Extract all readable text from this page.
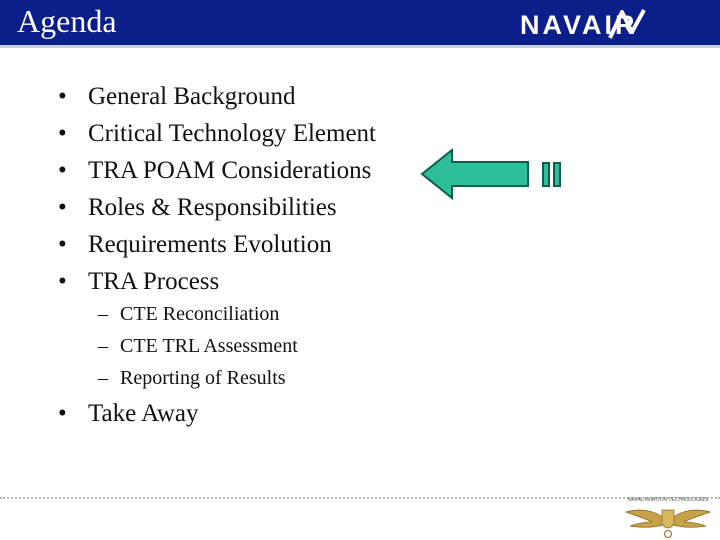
Agenda	NAVAIR
• General Background
• Critical Technology Element
• TRA POAM Considerations
• Roles & Responsibilities
• Requirements Evolution
• TRA Process
– CTE Reconciliation
– CTE TRL Assessment
– Reporting of Results
• Take Away
NAVAL AVIATION TECHNOLOGIES
